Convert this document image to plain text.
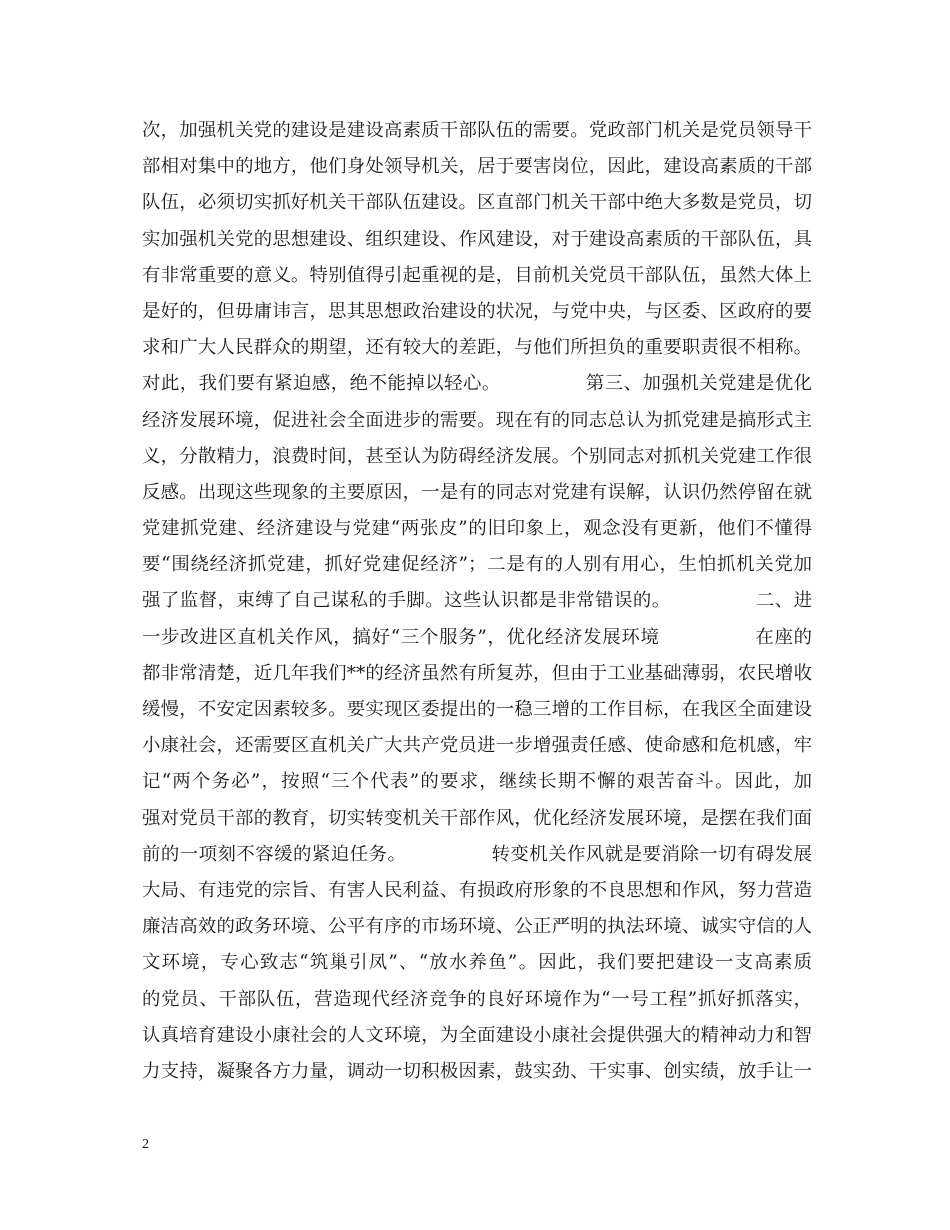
次，加强机关党的建设是建设高素质干部队伍的需要。党政部门机关是党员领导干
部相对集中的地方，他们身处领导机关，居于要害岗位，因此，建设高素质的干部
队伍，必须切实抓好机关干部队伍建设。区直部门机关干部中绝大多数是党员，切
实加强机关党的思想建设、组织建设、作风建设，对于建设高素质的干部队伍，具
有非常重要的意义。特别值得引起重视的是，目前机关党员干部队伍，虽然大体上
是好的，但毋庸讳言，思其思想政治建设的状况，与党中央，与区委、区政府的要
求和广大人民群众的期望，还有较大的差距，与他们所担负的重要职责很不相称。
对此，我们要有紧迫感，绝不能掉以轻心。　　　　　第三、加强机关党建是优化
经济发展环境，促进社会全面进步的需要。现在有的同志总认为抓党建是搞形式主
义，分散精力，浪费时间，甚至认为防碍经济发展。个别同志对抓机关党建工作很
反感。出现这些现象的主要原因，一是有的同志对党建有误解，认识仍然停留在就
党建抓党建、经济建设与党建“两张皮”的旧印象上，观念没有更新，他们不懂得
要“围绕经济抓党建，抓好党建促经济”；二是有的人别有用心，生怕抓机关党加
强了监督，束缚了自己谋私的手脚。这些认识都是非常错误的。　　　　　二、进
一步改进区直机关作风，搞好“三个服务”，优化经济发展环境　　　　　在座的
都非常清楚，近几年我们**的经济虽然有所复苏，但由于工业基础薄弱，农民增收
缓慢，不安定因素较多。要实现区委提出的一稳三增的工作目标，在我区全面建设
小康社会，还需要区直机关广大共产党员进一步增强责任感、使命感和危机感，牢
记“两个务必”，按照“三个代表”的要求，继续长期不懈的艰苦奋斗。因此，加
强对党员干部的教育，切实转变机关干部作风，优化经济发展环境，是摆在我们面
前的一项刻不容缓的紧迫任务。　　　　　转变机关作风就是要消除一切有碍发展
大局、有违党的宗旨、有害人民利益、有损政府形象的不良思想和作风，努力营造
廉洁高效的政务环境、公平有序的市场环境、公正严明的执法环境、诚实守信的人
文环境，专心致志“筑巢引凤”、“放水养鱼”。因此，我们要把建设一支高素质
的党员、干部队伍，营造现代经济竞争的良好环境作为“一号工程”抓好抓落实，
认真培育建设小康社会的人文环境，为全面建设小康社会提供强大的精神动力和智
力支持，凝聚各方力量，调动一切积极因素，鼓实劲、干实事、创实绩，放手让一
2
